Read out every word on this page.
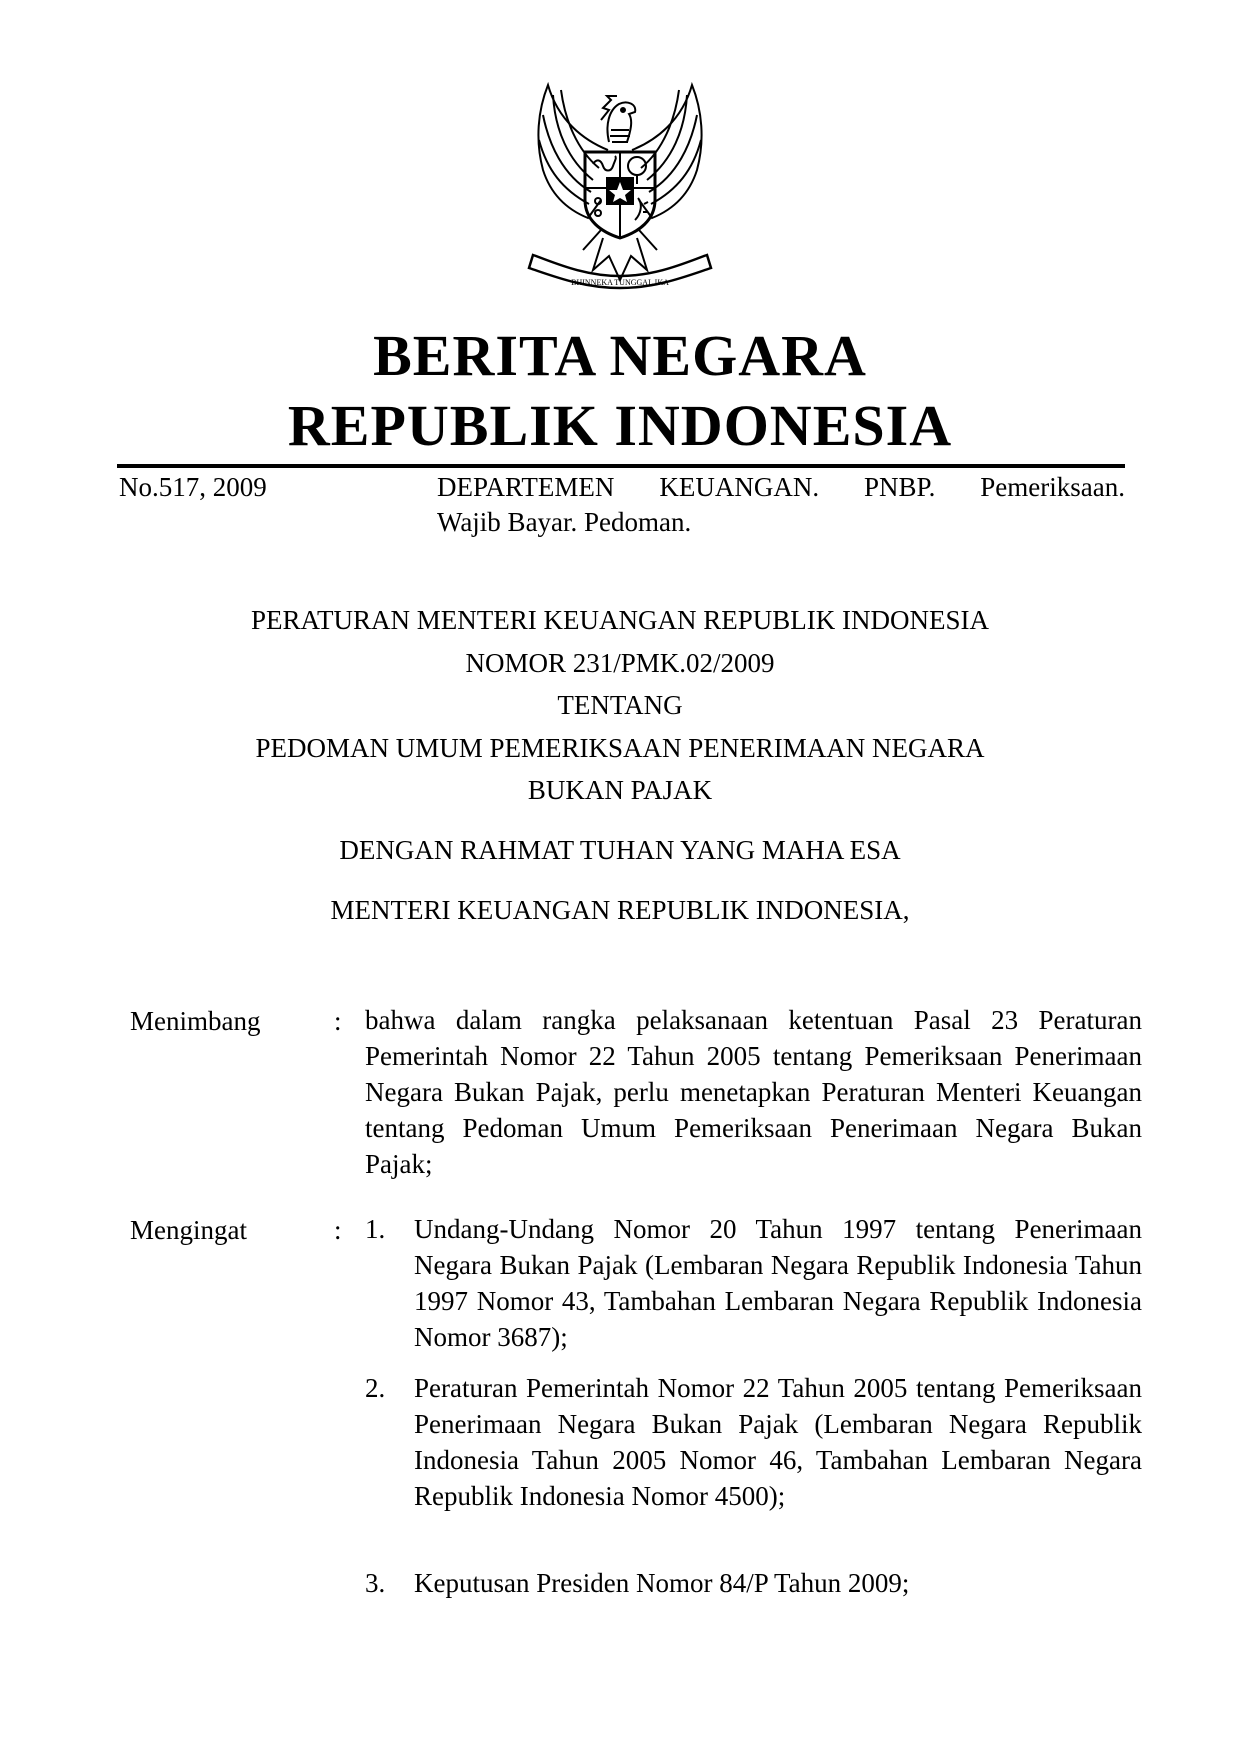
BHINNEKA TUNGGAL IKA
BERITA NEGARA
REPUBLIK INDONESIA
No.517, 2009	DEPARTEMEN KEUANGAN. PNBP. Pemeriksaan.
Wajib Bayar. Pedoman.
PERATURAN MENTERI KEUANGAN REPUBLIK INDONESIA
NOMOR 231/PMK.02/2009
TENTANG
PEDOMAN UMUM PEMERIKSAAN PENERIMAAN NEGARA
BUKAN PAJAK
DENGAN RAHMAT TUHAN YANG MAHA ESA
MENTERI KEUANGAN REPUBLIK INDONESIA,
Menimbang	: bahwa dalam rangka pelaksanaan ketentuan Pasal 23 Peraturan Pemerintah Nomor 22 Tahun 2005 tentang Pemeriksaan Penerimaan Negara Bukan Pajak, perlu menetapkan Peraturan Menteri Keuangan tentang Pedoman Umum Pemeriksaan Penerimaan Negara Bukan Pajak;
Mengingat	: 1. Undang-Undang Nomor 20 Tahun 1997 tentang Penerimaan Negara Bukan Pajak (Lembaran Negara Republik Indonesia Tahun 1997 Nomor 43, Tambahan Lembaran Negara Republik Indonesia Nomor 3687);
2. Peraturan Pemerintah Nomor 22 Tahun 2005 tentang Pemeriksaan Penerimaan Negara Bukan Pajak (Lembaran Negara Republik Indonesia Tahun 2005 Nomor 46, Tambahan Lembaran Negara Republik Indonesia Nomor 4500);
3. Keputusan Presiden Nomor 84/P Tahun 2009;
